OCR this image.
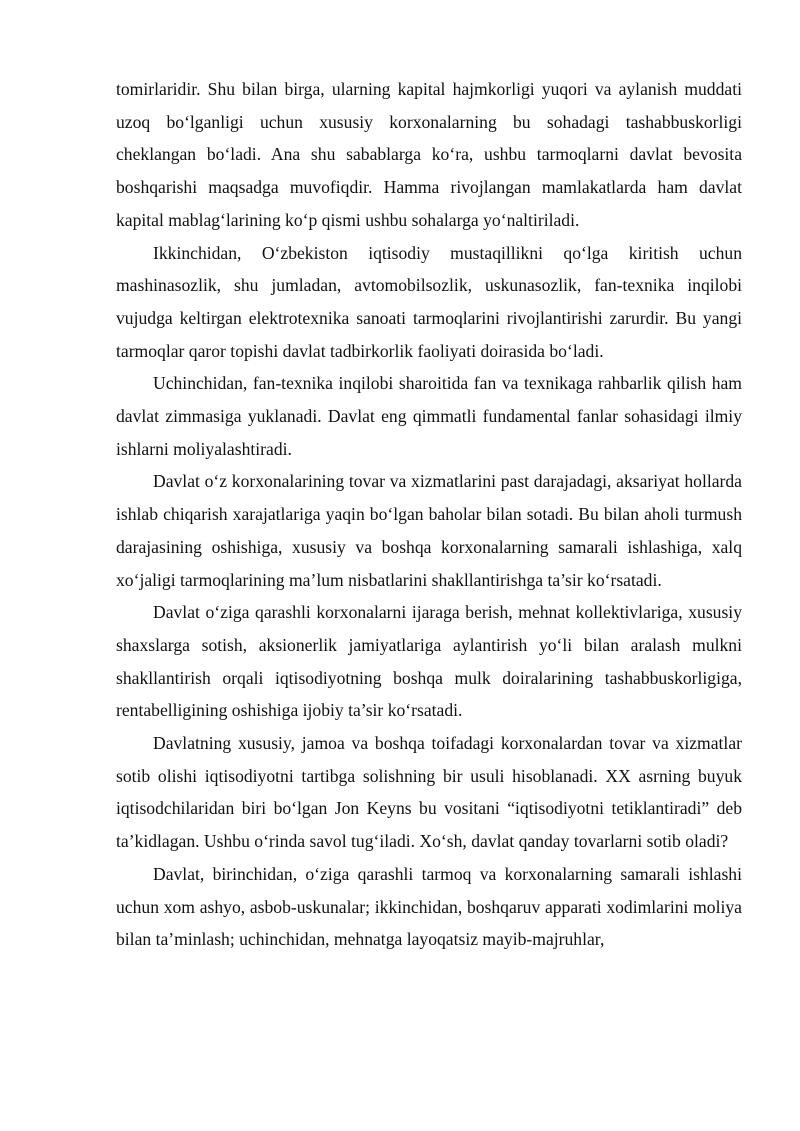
tomirlaridir. Shu bilan birga, ularning kapital hajmkorligi yuqori va aylanish muddati uzoq bo‘lganligi uchun xususiy korxonalarning bu sohadagi tashabbuskorligi cheklangan bo‘ladi. Ana shu sabablarga ko‘ra, ushbu tarmoqlarni davlat bevosita boshqarishi maqsadga muvofiqdir. Hamma rivojlangan mamlakatlarda ham davlat kapital mablag‘larining ko‘p qismi ushbu sohalarga yo‘naltiriladi.

Ikkinchidan, O‘zbekiston iqtisodiy mustaqillikni qo‘lga kiritish uchun mashinasozlik, shu jumladan, avtomobilsozlik, uskunasozlik, fan-texnika inqilobi vujudga keltirgan elektrotexnika sanoati tarmoqlarini rivojlantirishi zarurdir. Bu yangi tarmoqlar qaror topishi davlat tadbirkorlik faoliyati doirasida bo‘ladi.

Uchinchidan, fan-texnika inqilobi sharoitida fan va texnikaga rahbarlik qilish ham davlat zimmasiga yuklanadi. Davlat eng qimmatli fundamental fanlar sohasidagi ilmiy ishlarni moliyalashtiradi.

Davlat o‘z korxonalarining tovar va xizmatlarini past darajadagi, aksariyat hollarda ishlab chiqarish xarajatlariga yaqin bo‘lgan baholar bilan sotadi. Bu bilan aholi turmush darajasining oshishiga, xususiy va boshqa korxonalarning samarali ishlashiga, xalq xo‘jaligi tarmoqlarining ma’lum nisbatlarini shakllantirishga ta’sir ko‘rsatadi.

Davlat o‘ziga qarashli korxonalarni ijaraga berish, mehnat kollektivlariga, xususiy shaxslarga sotish, aksionerlik jamiyatlariga aylantirish yo‘li bilan aralash mulkni shakllantirish orqali iqtisodiyotning boshqa mulk doiralarining tashabbuskorligiga, rentabelligining oshishiga ijobiy ta’sir ko‘rsatadi.

Davlatning xususiy, jamoa va boshqa toifadagi korxonalardan tovar va xizmatlar sotib olishi iqtisodiyotni tartibga solishning bir usuli hisoblanadi. XX asrning buyuk iqtisodchilaridan biri bo‘lgan Jon Keyns bu vositani “iqtisodiyotni tetiklantiradi” deb ta’kidlagan. Ushbu o‘rinda savol tug‘iladi. Xo‘sh, davlat qanday tovarlarni sotib oladi?

Davlat, birinchidan, o‘ziga qarashli tarmoq va korxonalarning samarali ishlashi uchun xom ashyo, asbob-uskunalar; ikkinchidan, boshqaruv apparati xodimlarini moliya bilan ta’minlash; uchinchidan, mehnatga layoqatsiz mayib-majruhlar,
